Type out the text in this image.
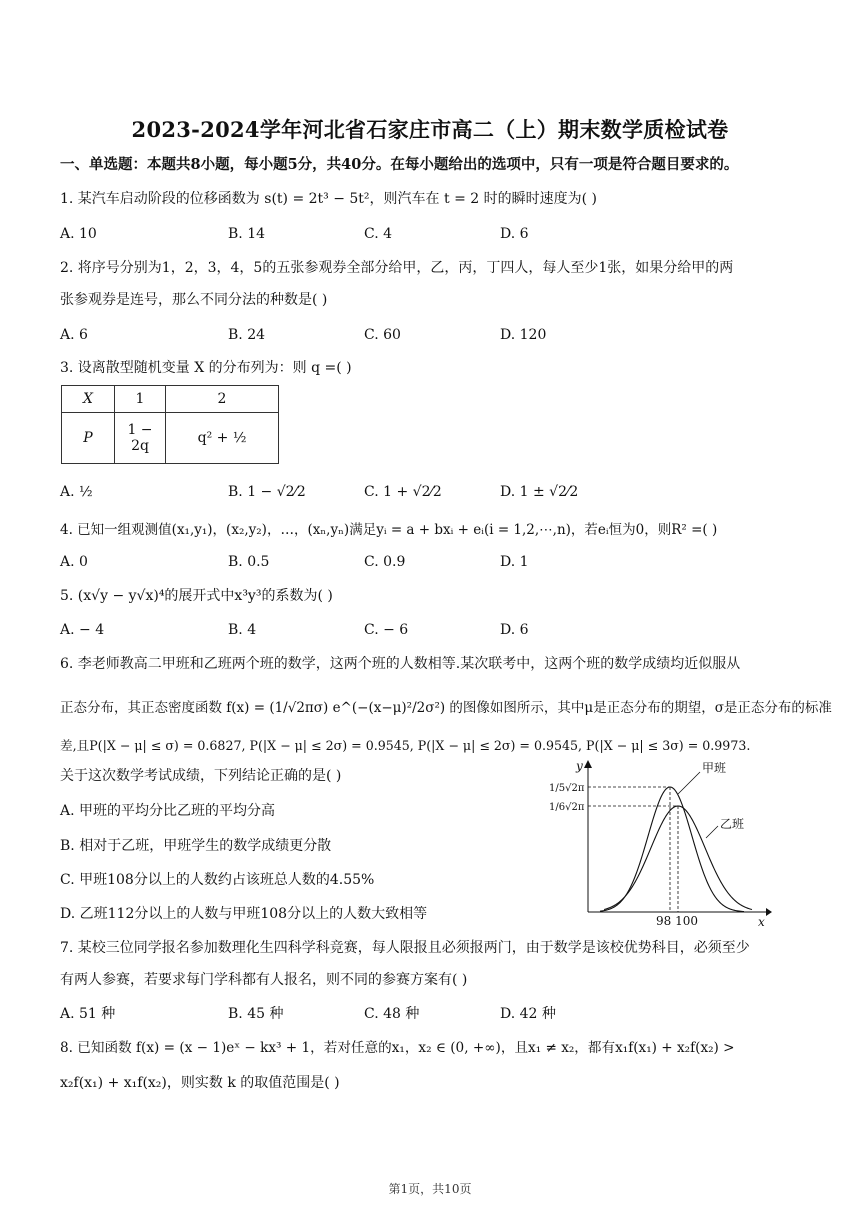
2023-2024学年河北省石家庄市高二（上）期末数学质检试卷
一、单选题：本题共8小题，每小题5分，共40分。在每小题给出的选项中，只有一项是符合题目要求的。
1. 某汽车启动阶段的位移函数为 s(t) = 2t³ − 5t²，则汽车在 t = 2 时的瞬时速度为( )
A. 10	B. 14	C. 4	D. 6
2. 将序号分别为1，2，3，4，5的五张参观券全部分给甲，乙，丙，丁四人，每人至少1张，如果分给甲的两
张参观券是连号，那么不同分法的种数是( )
A. 6	B. 24	C. 60	D. 120
3. 设离散型随机变量 X 的分布列为：则 q =( )
X	1	2
P	1 − 2q	q² + ½
A. ½	B. 1 − √2⁄2	C. 1 + √2⁄2	D. 1 ± √2⁄2
4. 已知一组观测值(x₁,y₁)，(x₂,y₂)，…，(xₙ,yₙ)满足yᵢ = a + bxᵢ + eᵢ(i = 1,2,⋯,n)，若eᵢ恒为0，则R² =( )
A. 0	B. 0.5	C. 0.9	D. 1
5. (x√y − y√x)⁴的展开式中x³y³的系数为( )
A. − 4	B. 4	C. − 6	D. 6
6. 李老师教高二甲班和乙班两个班的数学，这两个班的人数相等.某次联考中，这两个班的数学成绩均近似服从
正态分布，其正态密度函数 f(x) = (1/√2πσ) e^(−(x−μ)²/2σ²) 的图像如图所示，其中μ是正态分布的期望，σ是正态分布的标准
差,且P(|X − μ| ≤ σ) = 0.6827, P(|X − μ| ≤ 2σ) = 0.9545, P(|X − μ| ≤ 2σ) = 0.9545, P(|X − μ| ≤ 3σ) = 0.9973.
关于这次数学考试成绩，下列结论正确的是( )
A. 甲班的平均分比乙班的平均分高
B. 相对于乙班，甲班学生的数学成绩更分散
C. 甲班108分以上的人数约占该班总人数的4.55%
D. 乙班112分以上的人数与甲班108分以上的人数大致相等
y
x
甲班
乙班
1/5√2π
1/6√2π
98 100
7. 某校三位同学报名参加数理化生四科学科竞赛，每人限报且必须报两门，由于数学是该校优势科目，必须至少
有两人参赛，若要求每门学科都有人报名，则不同的参赛方案有( )
A. 51 种	B. 45 种	C. 48 种	D. 42 种
8. 已知函数 f(x) = (x − 1)eˣ − kx³ + 1，若对任意的x₁，x₂ ∈ (0, +∞)，且x₁ ≠ x₂，都有x₁f(x₁) + x₂f(x₂) >
x₂f(x₁) + x₁f(x₂)，则实数 k 的取值范围是( )
第1页，共10页
